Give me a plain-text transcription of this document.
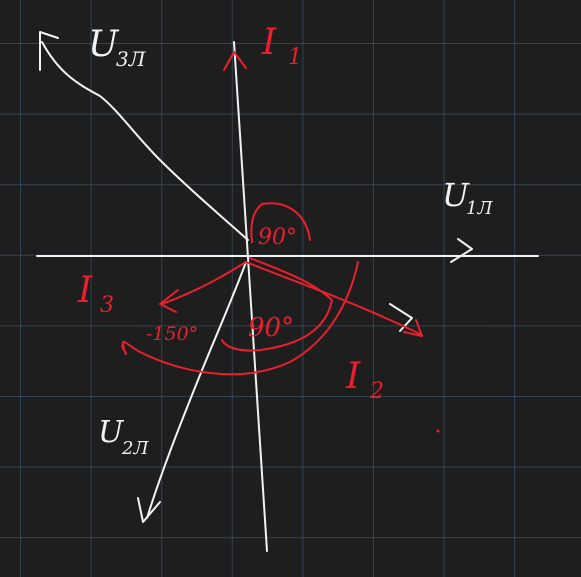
U
3Л
U
1Л
U
2Л
I 1
I 2
I 3
90°
90°
-150°
